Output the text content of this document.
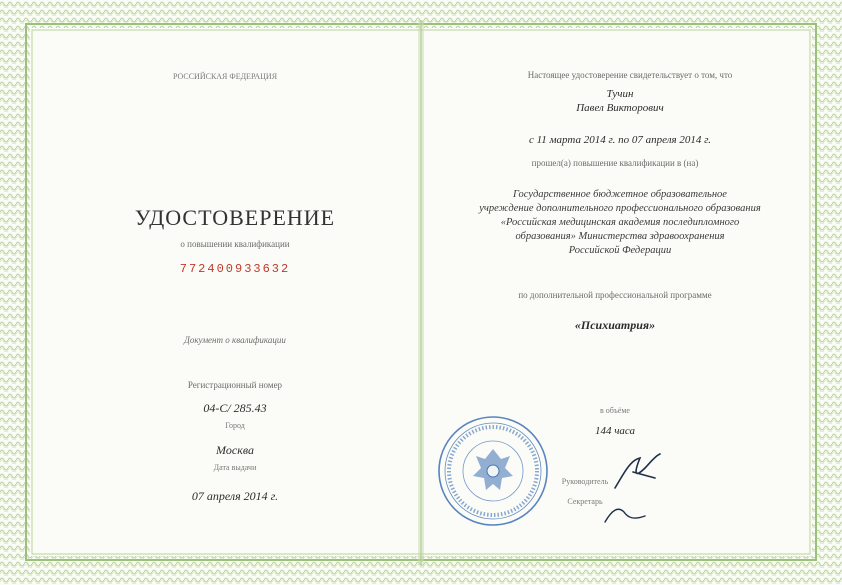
РОССИЙСКАЯ ФЕДЕРАЦИЯ
УДОСТОВЕРЕНИЕ
о повышении квалификации
772400933632
Документ о квалификации
Регистрационный номер
04-С/ 285.43
Город
Москва
Дата выдачи
07 апреля 2014 г.
Настоящее удостоверение свидетельствует о том, что
Тучин
Павел Викторович
с 11 марта 2014 г. по 07 апреля 2014 г.
прошел(а) повышение квалификации в (на)
Государственное бюджетное образовательное
учреждение дополнительного профессионального образования
«Российская медицинская академия последипломного
образования» Министерства здравоохранения
Российской Федерации
по дополнительной профессиональной программе
«Психиатрия»
в объёме
144 часа
Руководитель
Секретарь
